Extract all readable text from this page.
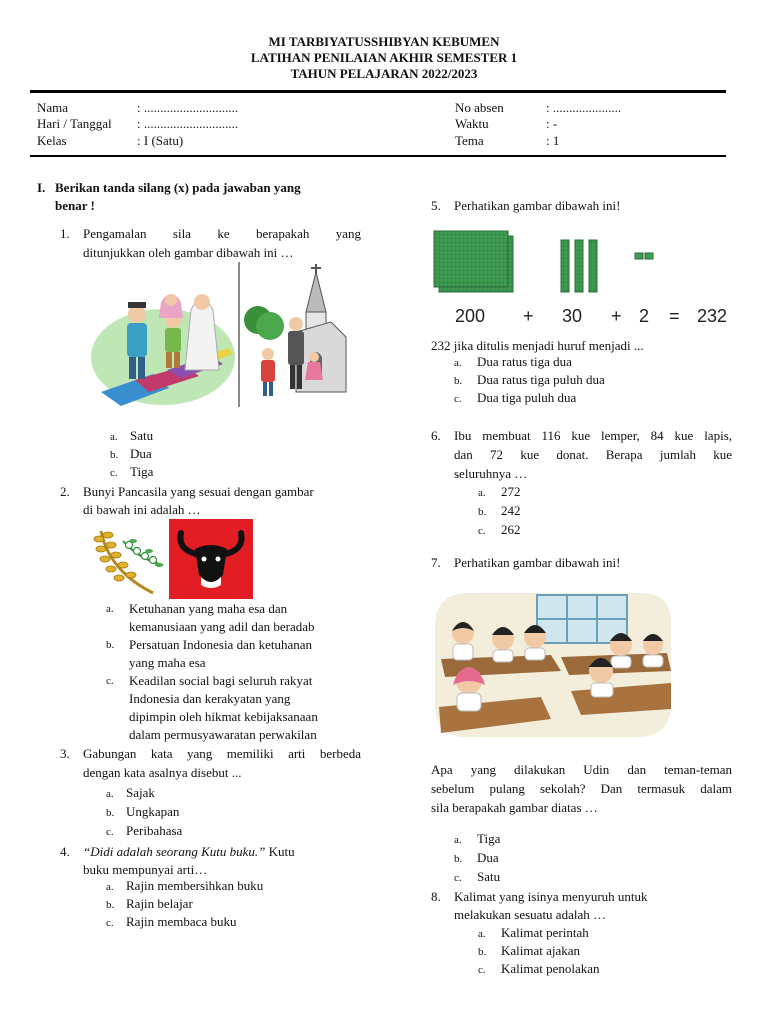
MI TARBIYATUSSHIBYAN KEBUMEN
LATIHAN PENILAIAN AKHIR SEMESTER 1
TAHUN PELAJARAN 2022/2023
Nama	: .............................
Hari / Tanggal : .............................
Kelas	: I (Satu)
No absen	: .....................
Waktu	: -
Tema	: 1
I. Berikan tanda silang (x) pada jawaban yang
benar !
1. Pengamalan sila ke berapakah yang
ditunjukkan oleh gambar dibawah ini …
a. Satu
b. Dua
c. Tiga
2. Bunyi Pancasila yang sesuai dengan gambar
di bawah ini adalah …
a.	Ketuhanan yang maha esa dan
kemanusiaan yang adil dan beradab
b.	Persatuan Indonesia dan ketuhanan
yang maha esa
c.	Keadilan social bagi seluruh rakyat
Indonesia dan kerakyatan yang
dipimpin oleh hikmat kebijaksanaan
dalam permusyawaratan perwakilan
3. Gabungan kata yang memiliki arti berbeda
dengan kata asalnya disebut ...
a. Sajak
b. Ungkapan
c. Peribahasa
4. “Didi adalah seorang Kutu buku.” Kutu
buku mempunyai arti…
a. Rajin membersihkan buku
b. Rajin belajar
c. Rajin membaca buku
5. Perhatikan gambar dibawah ini!
200 + 30 + 2 = 232
232 jika ditulis menjadi huruf menjadi ...
a. Dua ratus tiga dua
b. Dua ratus tiga puluh dua
c. Dua tiga puluh dua
6. Ibu membuat 116 kue lemper, 84 kue lapis,
dan 72 kue donat. Berapa jumlah kue
seluruhnya …
a. 272
b. 242
c. 262
7. Perhatikan gambar dibawah ini!
Apa yang dilakukan Udin dan teman-teman
sebelum pulang sekolah? Dan termasuk dalam
sila berapakah gambar diatas …
a. Tiga
b. Dua
c. Satu
8. Kalimat yang isinya menyuruh untuk
melakukan sesuatu adalah …
a. Kalimat perintah
b. Kalimat ajakan
c. Kalimat penolakan
